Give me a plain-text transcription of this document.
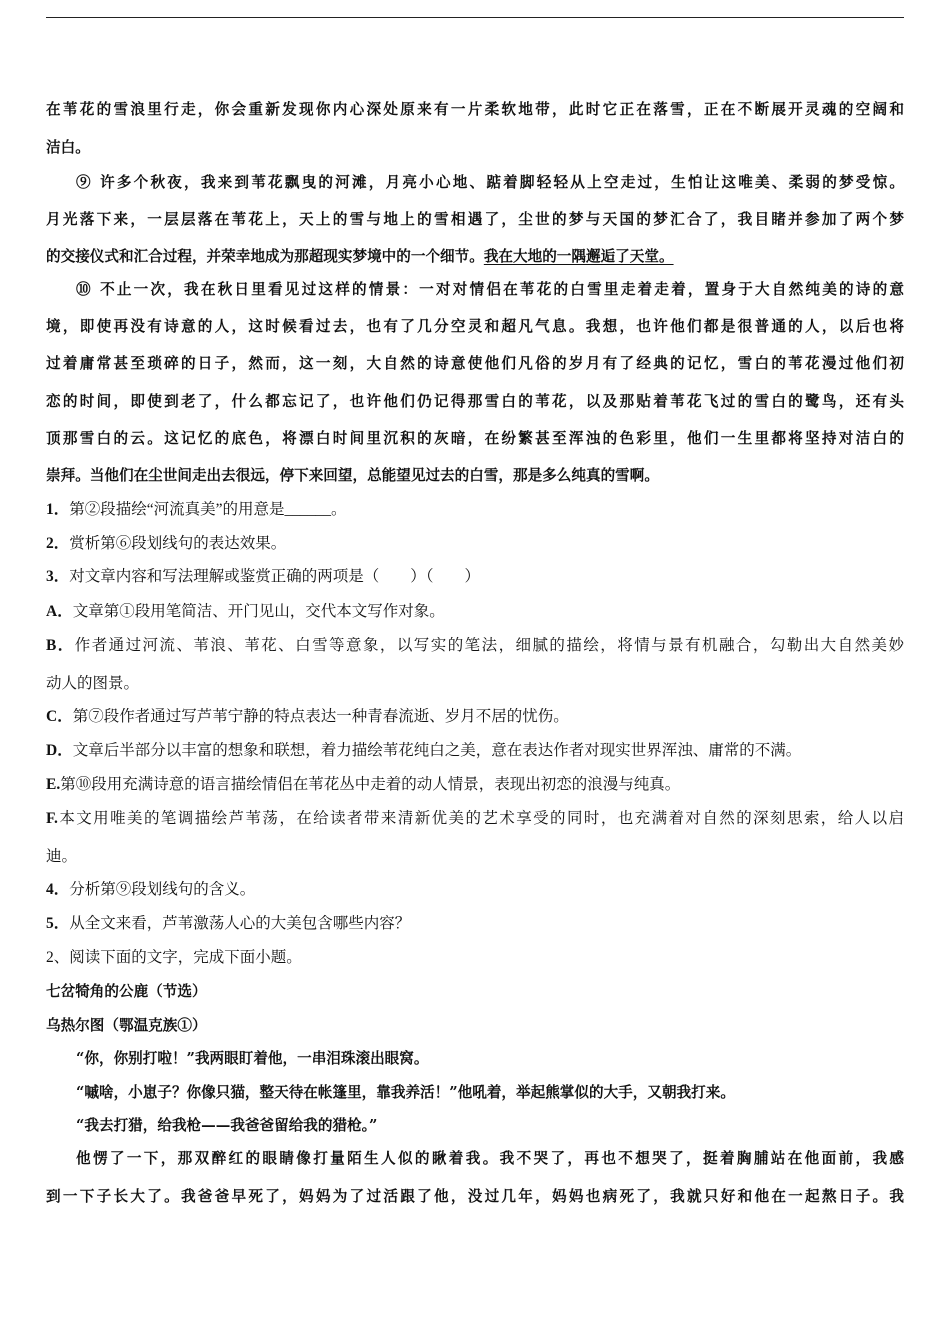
在苇花的雪浪里行走，你会重新发现你内心深处原来有一片柔软地带，此时它正在落雪，正在不断展开灵魂的空阔和

洁白。

⑨ 许多个秋夜，我来到苇花飘曳的河滩，月亮小心地、踮着脚轻轻从上空走过，生怕让这唯美、柔弱的梦受惊。

月光落下来，一层层落在苇花上，天上的雪与地上的雪相遇了，尘世的梦与天国的梦汇合了，我目睹并参加了两个梦

的交接仪式和汇合过程，并荣幸地成为那超现实梦境中的一个细节。我在大地的一隅邂逅了天堂。

⑩ 不止一次，我在秋日里看见过这样的情景：一对对情侣在苇花的白雪里走着走着，置身于大自然纯美的诗的意

境，即使再没有诗意的人，这时候看过去，也有了几分空灵和超凡气息。我想，也许他们都是很普通的人，以后也将

过着庸常甚至琐碎的日子，然而，这一刻，大自然的诗意使他们凡俗的岁月有了经典的记忆，雪白的苇花漫过他们初

恋的时间，即使到老了，什么都忘记了，也许他们仍记得那雪白的苇花，以及那贴着苇花飞过的雪白的鹭鸟，还有头

顶那雪白的云。这记忆的底色，将漂白时间里沉积的灰暗，在纷繁甚至浑浊的色彩里，他们一生里都将坚持对洁白的

崇拜。当他们在尘世间走出去很远，停下来回望，总能望见过去的白雪，那是多么纯真的雪啊。

1．第②段描绘“河流真美”的用意是______。

2．赏析第⑥段划线句的表达效果。

3．对文章内容和写法理解或鉴赏正确的两项是（　　）（　　）

A．文章第①段用笔简洁、开门见山，交代本文写作对象。

B．作者通过河流、苇浪、苇花、白雪等意象，以写实的笔法，细腻的描绘，将情与景有机融合，勾勒出大自然美妙

动人的图景。

C．第⑦段作者通过写芦苇宁静的特点表达一种青春流逝、岁月不居的忧伤。

D．文章后半部分以丰富的想象和联想，着力描绘苇花纯白之美，意在表达作者对现实世界浑浊、庸常的不满。

E.第⑩段用充满诗意的语言描绘情侣在苇花丛中走着的动人情景，表现出初恋的浪漫与纯真。

F.本文用唯美的笔调描绘芦苇荡，在给读者带来清新优美的艺术享受的同时，也充满着对自然的深刻思索，给人以启

迪。

4．分析第⑨段划线句的含义。

5．从全文来看，芦苇激荡人心的大美包含哪些内容？

2、阅读下面的文字，完成下面小题。

七岔犄角的公鹿（节选）

乌热尔图（鄂温克族①）

“你，你别打啦！”我两眼盯着他，一串泪珠滚出眼窝。

“嘁啥，小崽子？你像只猫，整天待在帐篷里，靠我养活！”他吼着，举起熊掌似的大手，又朝我打来。

“我去打猎，给我枪——我爸爸留给我的猎枪。”

他愣了一下，那双醉红的眼睛像打量陌生人似的瞅着我。我不哭了，再也不想哭了，挺着胸脯站在他面前，我感

到一下子长大了。我爸爸早死了，妈妈为了过活跟了他，没过几年，妈妈也病死了，我就只好和他在一起熬日子。我
